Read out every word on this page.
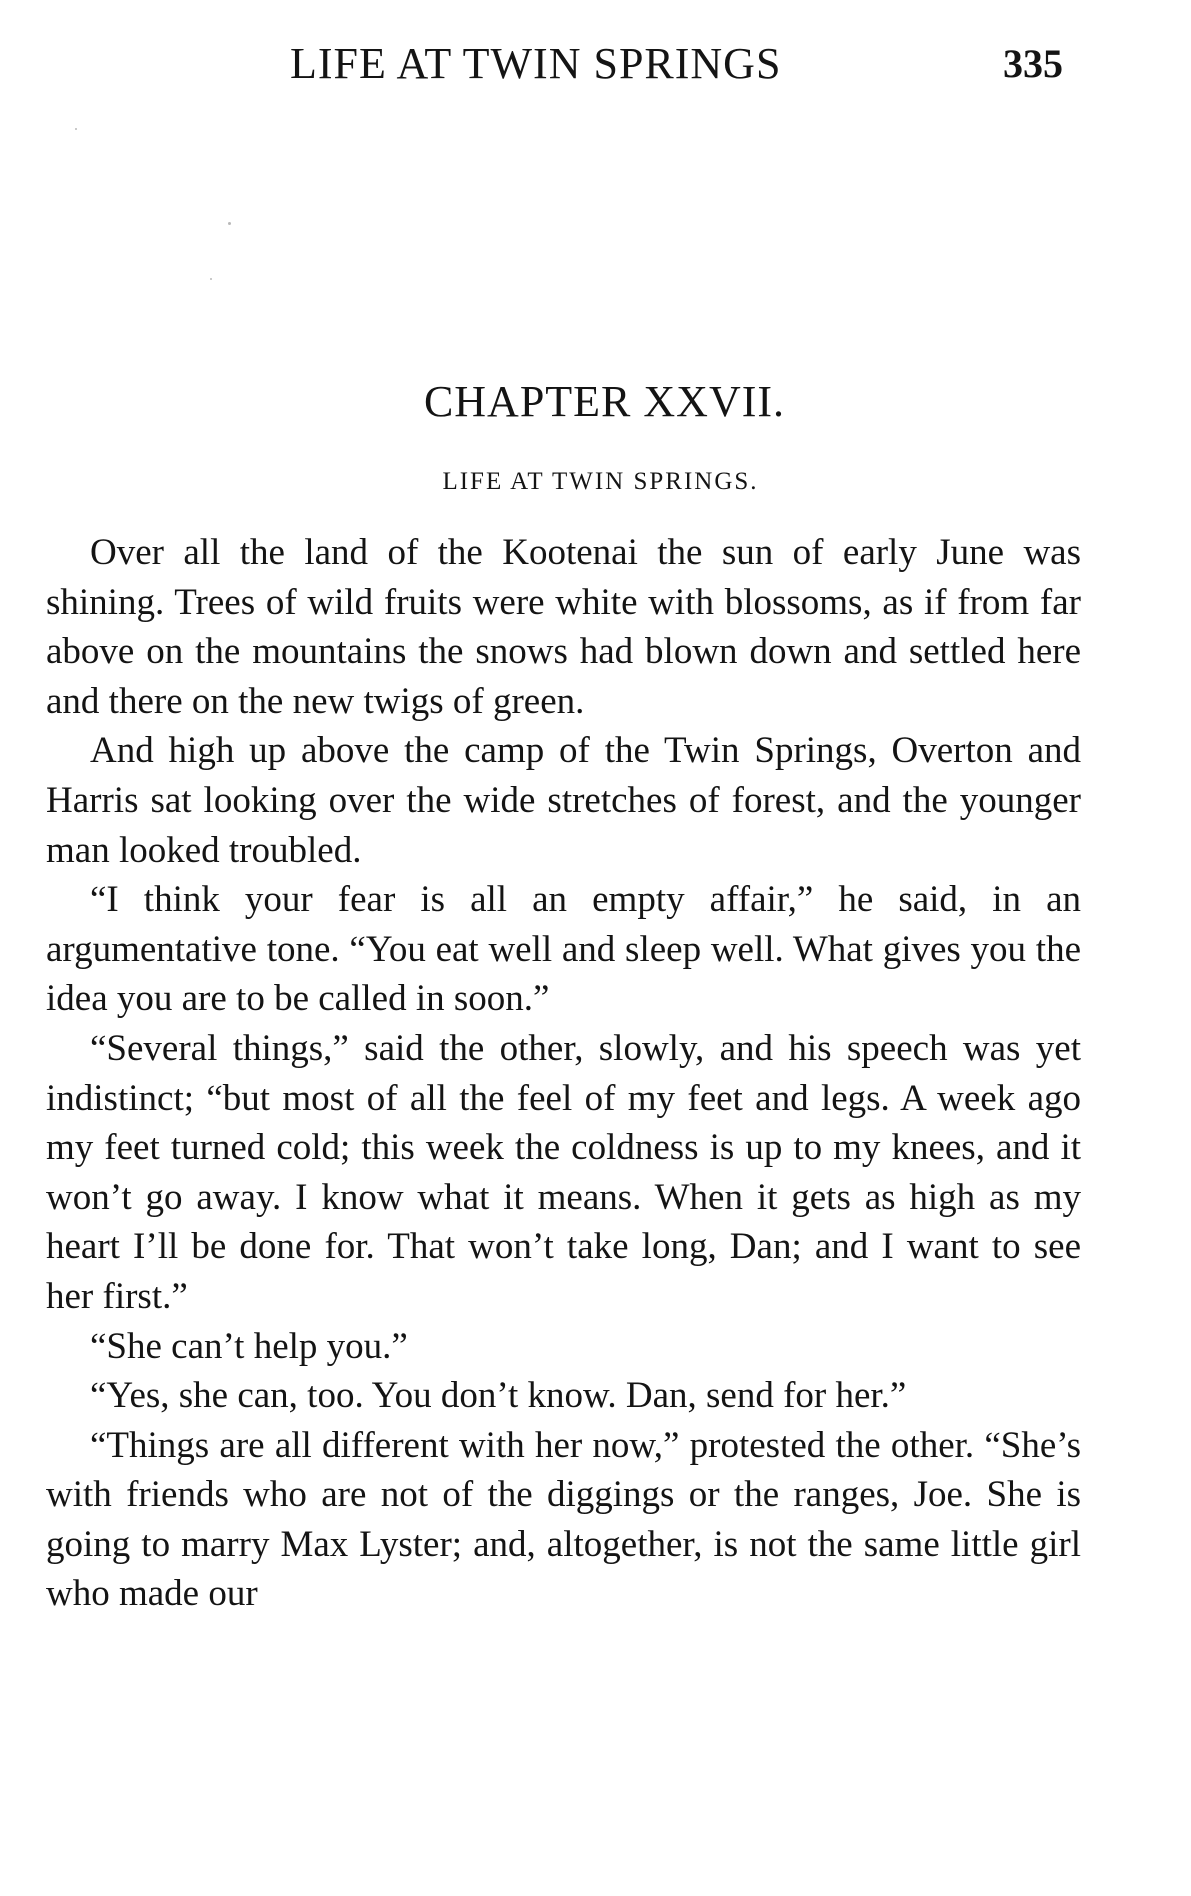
LIFE AT TWIN SPRINGS	335
CHAPTER XXVII.
LIFE AT TWIN SPRINGS.

Over all the land of the Kootenai the sun of early June was shining. Trees of wild fruits were white with blossoms, as if from far above on the mountains the snows had blown down and settled here and there on the new twigs of green.

And high up above the camp of the Twin Springs, Overton and Harris sat looking over the wide stretches of forest, and the younger man looked troubled.

“I think your fear is all an empty affair,” he said, in an argumentative tone. “You eat well and sleep well. What gives you the idea you are to be called in soon.”

“Several things,” said the other, slowly, and his speech was yet indistinct; “but most of all the feel of my feet and legs. A week ago my feet turned cold; this week the coldness is up to my knees, and it won’t go away. I know what it means. When it gets as high as my heart I’ll be done for. That won’t take long, Dan; and I want to see her first.”

“She can’t help you.”

“Yes, she can, too. You don’t know. Dan, send for her.”

“Things are all different with her now,” protested the other. “She’s with friends who are not of the diggings or the ranges, Joe. She is going to marry Max Lyster; and, altogether, is not the same little girl who made our
